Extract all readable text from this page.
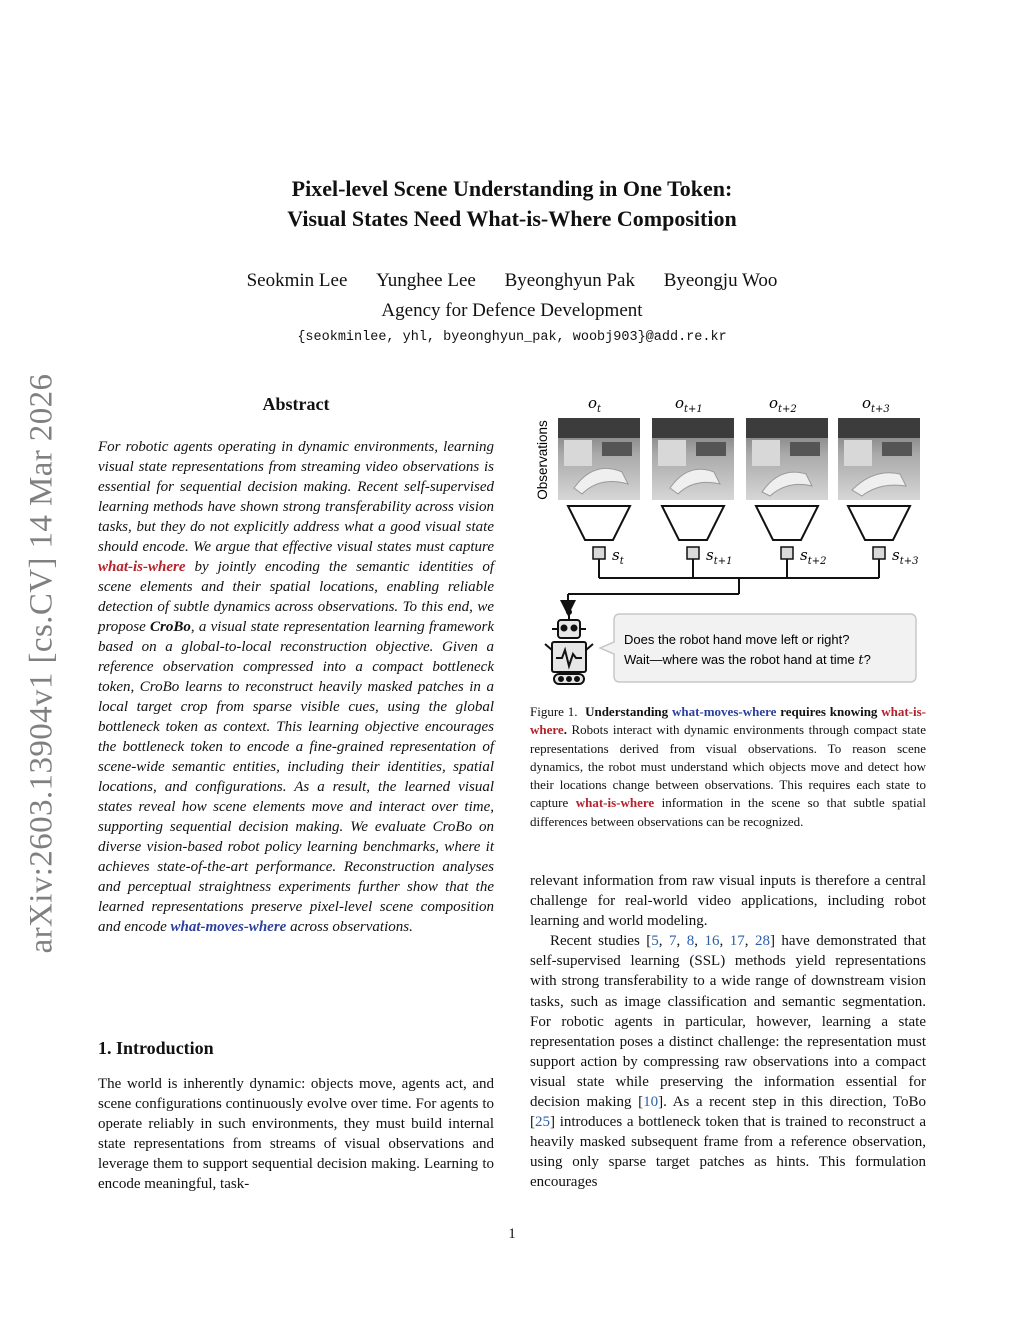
arXiv:2603.13904v1 [cs.CV] 14 Mar 2026
Pixel-level Scene Understanding in One Token:
Visual States Need What-is-Where Composition
Seokmin Lee Yunghee Lee Byeonghyun Pak Byeongju Woo
Agency for Defence Development
{seokminlee, yhl, byeonghyun_pak, woobj903}@add.re.kr
Abstract
For robotic agents operating in dynamic environments, learning visual state representations from streaming video observations is essential for sequential decision making. Recent self-supervised learning methods have shown strong transferability across vision tasks, but they do not explicitly address what a good visual state should encode. We argue that effective visual states must capture what-is-where by jointly encoding the semantic identities of scene elements and their spatial locations, enabling reliable detection of subtle dynamics across observations. To this end, we propose CroBo, a visual state representation learning framework based on a global-to-local reconstruction objective. Given a reference observation compressed into a compact bottleneck token, CroBo learns to reconstruct heavily masked patches in a local target crop from sparse visible cues, using the global bottleneck token as context. This learning objective encourages the bottleneck token to encode a fine-grained representation of scene-wide semantic entities, including their identities, spatial locations, and configurations. As a result, the learned visual states reveal how scene elements move and interact over time, supporting sequential decision making. We evaluate CroBo on diverse vision-based robot policy learning benchmarks, where it achieves state-of-the-art performance. Reconstruction analyses and perceptual straightness experiments further show that the learned representations preserve pixel-level scene composition and encode what-moves-where across observations.
1. Introduction
The world is inherently dynamic: objects move, agents act, and scene configurations continuously evolve over time. For agents to operate reliably in such environments, they must build internal state representations from streams of visual observations and leverage them to support sequential decision making. Learning to encode meaningful, task-
Observations
$o_t$	$o_{t+1}$	$o_{t+2}$	$o_{t+3}$
$s_t$	$s_{t+1}$	$s_{t+2}$	$s_{t+3}$
Does the robot hand move left or right?
Wait—where was the robot hand at time t?
Figure 1. Understanding what-moves-where requires knowing what-is-where. Robots interact with dynamic environments through compact state representations derived from visual observations. To reason scene dynamics, the robot must understand which objects move and detect how their locations change between observations. This requires each state to capture what-is-where information in the scene so that subtle spatial differences between observations can be recognized.

relevant information from raw visual inputs is therefore a central challenge for real-world video applications, including robot learning and world modeling.

Recent studies [5, 7, 8, 16, 17, 28] have demonstrated that self-supervised learning (SSL) methods yield representations with strong transferability to a wide range of downstream vision tasks, such as image classification and semantic segmentation. For robotic agents in particular, however, learning a state representation poses a distinct challenge: the representation must support action by compressing raw observations into a compact visual state while preserving the information essential for decision making [10]. As a recent step in this direction, ToBo [25] introduces a bottleneck token that is trained to reconstruct a heavily masked subsequent frame from a reference observation, using only sparse target patches as hints. This formulation encourages

1
